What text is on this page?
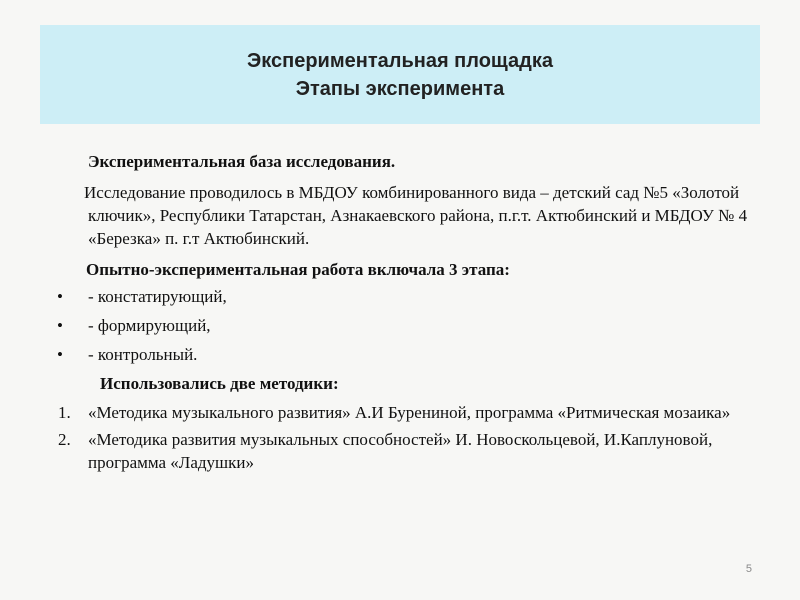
Экспериментальная площадка
Этапы эксперимента

Экспериментальная база исследования.

Исследование проводилось в МБДОУ комбинированного вида – детский сад №5 «Золотой ключик», Республики Татарстан, Азнакаевского района, п.г.т. Актюбинский и МБДОУ № 4 «Березка» п. г.т Актюбинский.

Опытно-экспериментальная работа включала 3 этапа:

• - констатирующий,
• - формирующий,
• - контрольный.

Использовались две методики:

1. «Методика музыкального развития» А.И Бурениной, программа «Ритмическая мозаика»
2. «Методика развития музыкальных способностей» И. Новоскольцевой, И.Каплуновой, программа «Ладушки»
5
